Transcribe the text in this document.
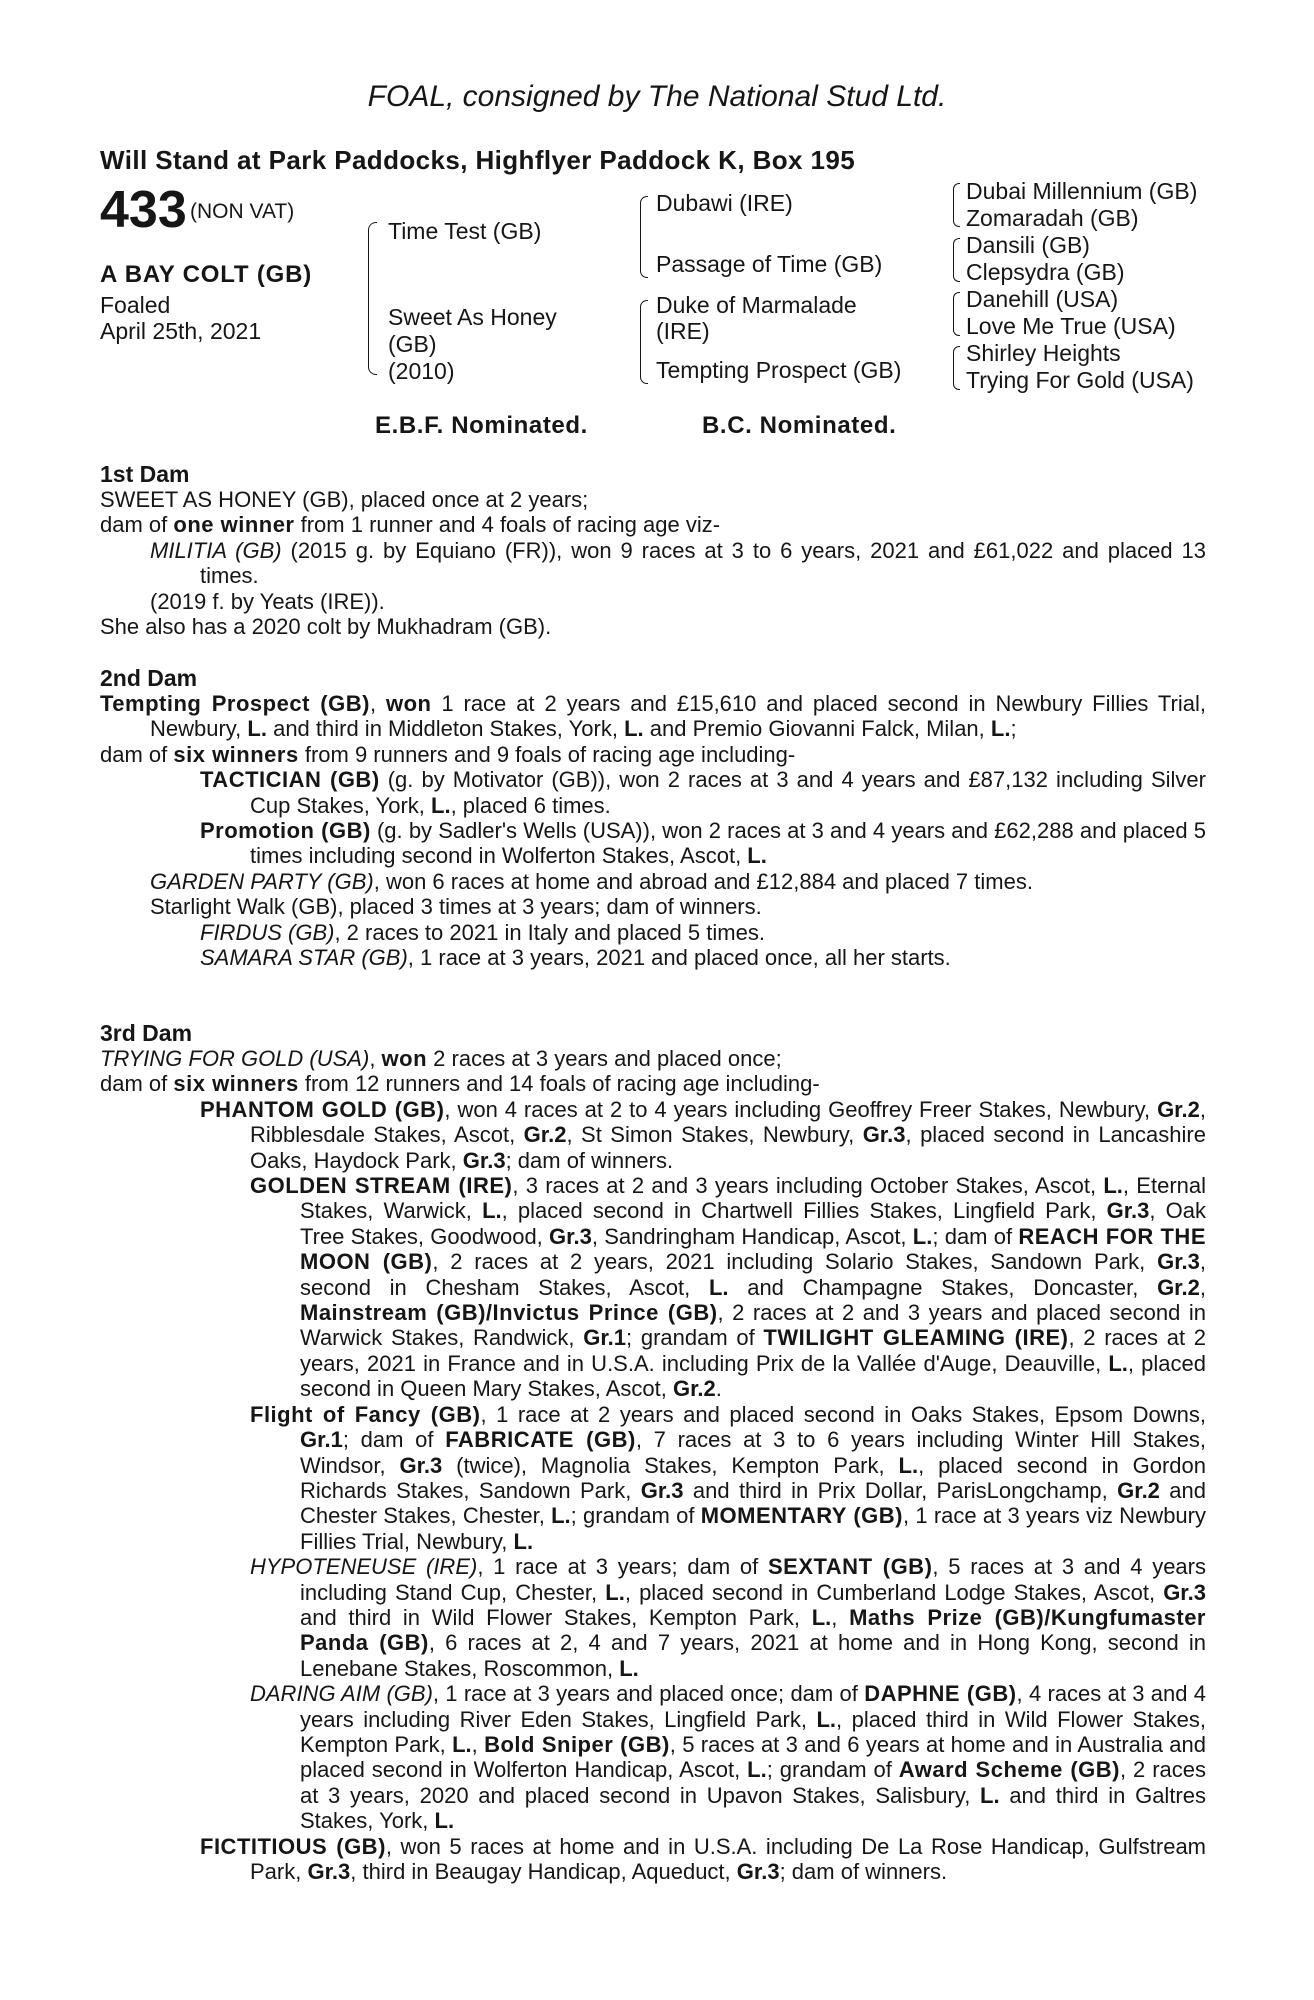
FOAL, consigned by The National Stud Ltd.
Will Stand at Park Paddocks, Highflyer Paddock K, Box 195
433 (NON VAT)
A BAY COLT (GB)
Foaled
April 25th, 2021
Time Test (GB)
Sweet As Honey
(GB)
(2010)
Dubawi (IRE)
Passage of Time (GB)
Duke of Marmalade
(IRE)
Tempting Prospect (GB)
Dubai Millennium (GB)
Zomaradah (GB)
Dansili (GB)
Clepsydra (GB)
Danehill (USA)
Love Me True (USA)
Shirley Heights
Trying For Gold (USA)
E.B.F. Nominated.	B.C. Nominated.
1st Dam
SWEET AS HONEY (GB), placed once at 2 years;
dam of one winner from 1 runner and 4 foals of racing age viz-
MILITIA (GB) (2015 g. by Equiano (FR)), won 9 races at 3 to 6 years, 2021 and £61,022 and placed 13 times.
(2019 f. by Yeats (IRE)).
She also has a 2020 colt by Mukhadram (GB).
2nd Dam
Tempting Prospect (GB), won 1 race at 2 years and £15,610 and placed second in Newbury Fillies Trial, Newbury, L. and third in Middleton Stakes, York, L. and Premio Giovanni Falck, Milan, L.;
dam of six winners from 9 runners and 9 foals of racing age including-
TACTICIAN (GB) (g. by Motivator (GB)), won 2 races at 3 and 4 years and £87,132 including Silver Cup Stakes, York, L., placed 6 times.
Promotion (GB) (g. by Sadler's Wells (USA)), won 2 races at 3 and 4 years and £62,288 and placed 5 times including second in Wolferton Stakes, Ascot, L.
GARDEN PARTY (GB), won 6 races at home and abroad and £12,884 and placed 7 times.
Starlight Walk (GB), placed 3 times at 3 years; dam of winners.
FIRDUS (GB), 2 races to 2021 in Italy and placed 5 times.
SAMARA STAR (GB), 1 race at 3 years, 2021 and placed once, all her starts.
3rd Dam
TRYING FOR GOLD (USA), won 2 races at 3 years and placed once;
dam of six winners from 12 runners and 14 foals of racing age including-
PHANTOM GOLD (GB), won 4 races at 2 to 4 years including Geoffrey Freer Stakes, Newbury, Gr.2, Ribblesdale Stakes, Ascot, Gr.2, St Simon Stakes, Newbury, Gr.3, placed second in Lancashire Oaks, Haydock Park, Gr.3; dam of winners.
GOLDEN STREAM (IRE), 3 races at 2 and 3 years including October Stakes, Ascot, L., Eternal Stakes, Warwick, L., placed second in Chartwell Fillies Stakes, Lingfield Park, Gr.3, Oak Tree Stakes, Goodwood, Gr.3, Sandringham Handicap, Ascot, L.; dam of REACH FOR THE MOON (GB), 2 races at 2 years, 2021 including Solario Stakes, Sandown Park, Gr.3, second in Chesham Stakes, Ascot, L. and Champagne Stakes, Doncaster, Gr.2, Mainstream (GB)/Invictus Prince (GB), 2 races at 2 and 3 years and placed second in Warwick Stakes, Randwick, Gr.1; grandam of TWILIGHT GLEAMING (IRE), 2 races at 2 years, 2021 in France and in U.S.A. including Prix de la Vallée d'Auge, Deauville, L., placed second in Queen Mary Stakes, Ascot, Gr.2.
Flight of Fancy (GB), 1 race at 2 years and placed second in Oaks Stakes, Epsom Downs, Gr.1; dam of FABRICATE (GB), 7 races at 3 to 6 years including Winter Hill Stakes, Windsor, Gr.3 (twice), Magnolia Stakes, Kempton Park, L., placed second in Gordon Richards Stakes, Sandown Park, Gr.3 and third in Prix Dollar, ParisLongchamp, Gr.2 and Chester Stakes, Chester, L.; grandam of MOMENTARY (GB), 1 race at 3 years viz Newbury Fillies Trial, Newbury, L.
HYPOTENEUSE (IRE), 1 race at 3 years; dam of SEXTANT (GB), 5 races at 3 and 4 years including Stand Cup, Chester, L., placed second in Cumberland Lodge Stakes, Ascot, Gr.3 and third in Wild Flower Stakes, Kempton Park, L., Maths Prize (GB)/Kungfumaster Panda (GB), 6 races at 2, 4 and 7 years, 2021 at home and in Hong Kong, second in Lenebane Stakes, Roscommon, L.
DARING AIM (GB), 1 race at 3 years and placed once; dam of DAPHNE (GB), 4 races at 3 and 4 years including River Eden Stakes, Lingfield Park, L., placed third in Wild Flower Stakes, Kempton Park, L., Bold Sniper (GB), 5 races at 3 and 6 years at home and in Australia and placed second in Wolferton Handicap, Ascot, L.; grandam of Award Scheme (GB), 2 races at 3 years, 2020 and placed second in Upavon Stakes, Salisbury, L. and third in Galtres Stakes, York, L.
FICTITIOUS (GB), won 5 races at home and in U.S.A. including De La Rose Handicap, Gulfstream Park, Gr.3, third in Beaugay Handicap, Aqueduct, Gr.3; dam of winners.
